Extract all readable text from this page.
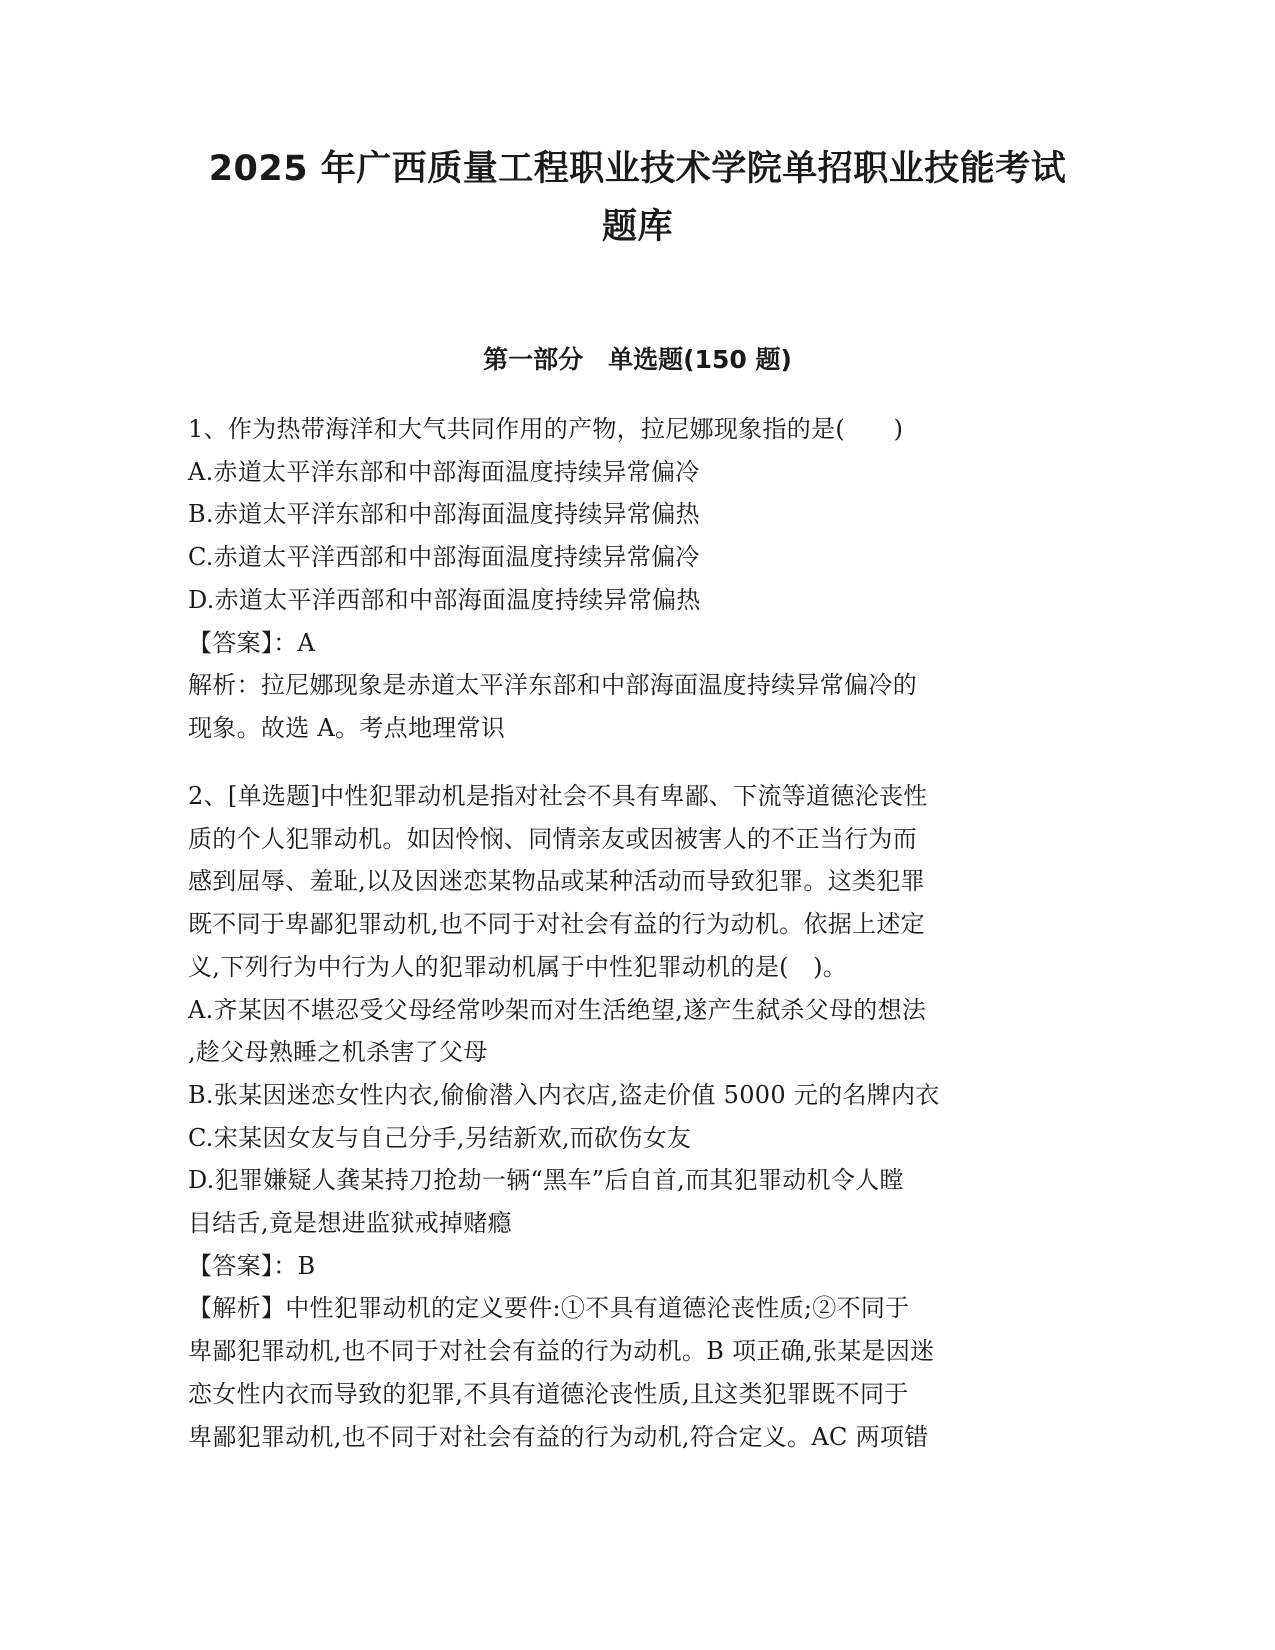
2025 年广西质量工程职业技术学院单招职业技能考试
题库
第一部分　单选题(150 题)
1、作为热带海洋和大气共同作用的产物，拉尼娜现象指的是(　　)
A.赤道太平洋东部和中部海面温度持续异常偏冷
B.赤道太平洋东部和中部海面温度持续异常偏热
C.赤道太平洋西部和中部海面温度持续异常偏冷
D.赤道太平洋西部和中部海面温度持续异常偏热
【答案】：A
解析：拉尼娜现象是赤道太平洋东部和中部海面温度持续异常偏冷的
现象。故选 A。考点地理常识
2、[单选题]中性犯罪动机是指对社会不具有卑鄙、下流等道德沦丧性
质的个人犯罪动机。如因怜悯、同情亲友或因被害人的不正当行为而
感到屈辱、羞耻,以及因迷恋某物品或某种活动而导致犯罪。这类犯罪
既不同于卑鄙犯罪动机,也不同于对社会有益的行为动机。依据上述定
义,下列行为中行为人的犯罪动机属于中性犯罪动机的是(　)。
A.齐某因不堪忍受父母经常吵架而对生活绝望,遂产生弑杀父母的想法
,趁父母熟睡之机杀害了父母
B.张某因迷恋女性内衣,偷偷潜入内衣店,盗走价值 5000 元的名牌内衣
C.宋某因女友与自己分手,另结新欢,而砍伤女友
D.犯罪嫌疑人龚某持刀抢劫一辆“黑车”后自首,而其犯罪动机令人瞠
目结舌,竟是想进监狱戒掉赌瘾
【答案】：B
【解析】中性犯罪动机的定义要件:①不具有道德沦丧性质;②不同于
卑鄙犯罪动机,也不同于对社会有益的行为动机。B 项正确,张某是因迷
恋女性内衣而导致的犯罪,不具有道德沦丧性质,且这类犯罪既不同于
卑鄙犯罪动机,也不同于对社会有益的行为动机,符合定义。AC 两项错
